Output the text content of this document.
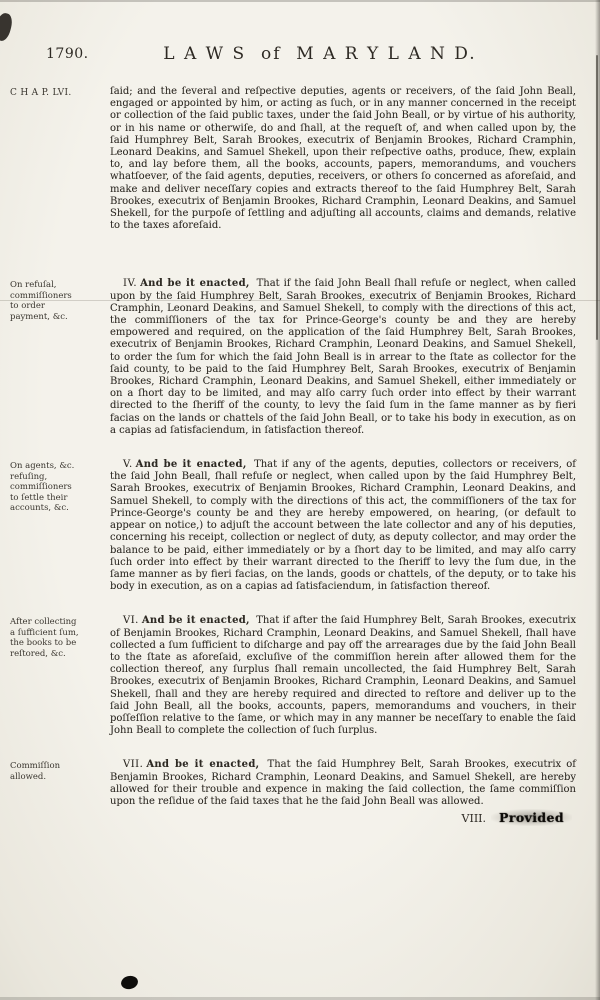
1790.	L A W S  of  M A R Y L A N D.
C H A P. LVI.	ſaid; and the ſeveral and reſpective deputies, agents or receivers, of the ſaid John Beall, engaged or appointed by him, or acting as ſuch, or in any manner concerned in the receipt or collection of the ſaid public taxes, under the ſaid John Beall, or by virtue of his authority, or in his name or otherwiſe, do and ſhall, at the requeſt of, and when called upon by, the ſaid Humphrey Belt, Sarah Brookes, executrix of Benjamin Brookes, Richard Cramphin, Leonard Deakins, and Samuel Shekell, upon their reſpective oaths, produce, ſhew, explain to, and lay before them, all the books, accounts, papers, memorandums, and vouchers whatſoever, of the ſaid agents, deputies, receivers, or others ſo concerned as aforeſaid, and make and deliver neceſſary copies and extracts thereof to the ſaid Humphrey Belt, Sarah Brookes, executrix of Benjamin Brookes, Richard Cramphin, Leonard Deakins, and Samuel Shekell, for the purpoſe of ſettling and adjuſting all accounts, claims and demands, relative to the taxes aforeſaid.

On refuſal, commiſſioners to order payment, &c.

IV. And be it enacted, That if the ſaid John Beall ſhall refuſe or neglect, when called upon by the ſaid Humphrey Belt, Sarah Brookes, executrix of Benjamin Brookes, Richard Cramphin, Leonard Deakins, and Samuel Shekell, to comply with the directions of this act, the commiſſioners of the tax for Prince-George's county be and they are hereby empowered and required, on the application of the ſaid Humphrey Belt, Sarah Brookes, executrix of Benjamin Brookes, Richard Cramphin, Leonard Deakins, and Samuel Shekell, to order the ſum for which the ſaid John Beall is in arrear to the ſtate as collector for the ſaid county, to be paid to the ſaid Humphrey Belt, Sarah Brookes, executrix of Benjamin Brookes, Richard Cramphin, Leonard Deakins, and Samuel Shekell, either immediately or on a ſhort day to be limited, and may alſo carry ſuch order into effect by their warrant directed to the ſheriff of the county, to levy the ſaid ſum in the ſame manner as by fieri facias on the lands or chattels of the ſaid John Beall, or to take his body in execution, as on a capias ad ſatisfaciendum, in ſatisfaction thereof.

On agents, &c. refuſing, commiſſioners to ſettle their accounts, &c.

V. And be it enacted, That if any of the agents, deputies, collectors or receivers, of the ſaid John Beall, ſhall refuſe or neglect, when called upon by the ſaid Humphrey Belt, Sarah Brookes, executrix of Benjamin Brookes, Richard Cramphin, Leonard Deakins, and Samuel Shekell, to comply with the directions of this act, the commiſſioners of the tax for Prince-George's county be and they are hereby empowered, on hearing, (or default to appear on notice,) to adjuſt the account between the late collector and any of his deputies, concerning his receipt, collection or neglect of duty, as deputy collector, and may order the balance to be paid, either immediately or by a ſhort day to be limited, and may alſo carry ſuch order into effect by their warrant directed to the ſheriff to levy the ſum due, in the ſame manner as by fieri facias, on the lands, goods or chattels, of the deputy, or to take his body in execution, as on a capias ad ſatisfaciendum, in ſatisfaction thereof.

After collecting a ſufficient ſum, the books to be reſtored, &c.

VI. And be it enacted, That if after the ſaid Humphrey Belt, Sarah Brookes, executrix of Benjamin Brookes, Richard Cramphin, Leonard Deakins, and Samuel Shekell, ſhall have collected a ſum ſufficient to diſcharge and pay off the arrearages due by the ſaid John Beall to the ſtate as aforeſaid, excluſive of the commiſſion herein after allowed them for the collection thereof, any ſurplus ſhall remain uncollected, the ſaid Humphrey Belt, Sarah Brookes, executrix of Benjamin Brookes, Richard Cramphin, Leonard Deakins, and Samuel Shekell, ſhall and they are hereby required and directed to reſtore and deliver up to the ſaid John Beall, all the books, accounts, papers, memorandums and vouchers, in their poſſeſſion relative to the ſame, or which may in any manner be neceſſary to enable the ſaid John Beall to complete the collection of ſuch ſurplus.

Commiſſion allowed.

VII. And be it enacted, That the ſaid Humphrey Belt, Sarah Brookes, executrix of Benjamin Brookes, Richard Cramphin, Leonard Deakins, and Samuel Shekell, are hereby allowed for their trouble and expence in making the ſaid collection, the ſame commiſſion upon the reſidue of the ſaid taxes that he the ſaid John Beall was allowed.

VIII. Provided
